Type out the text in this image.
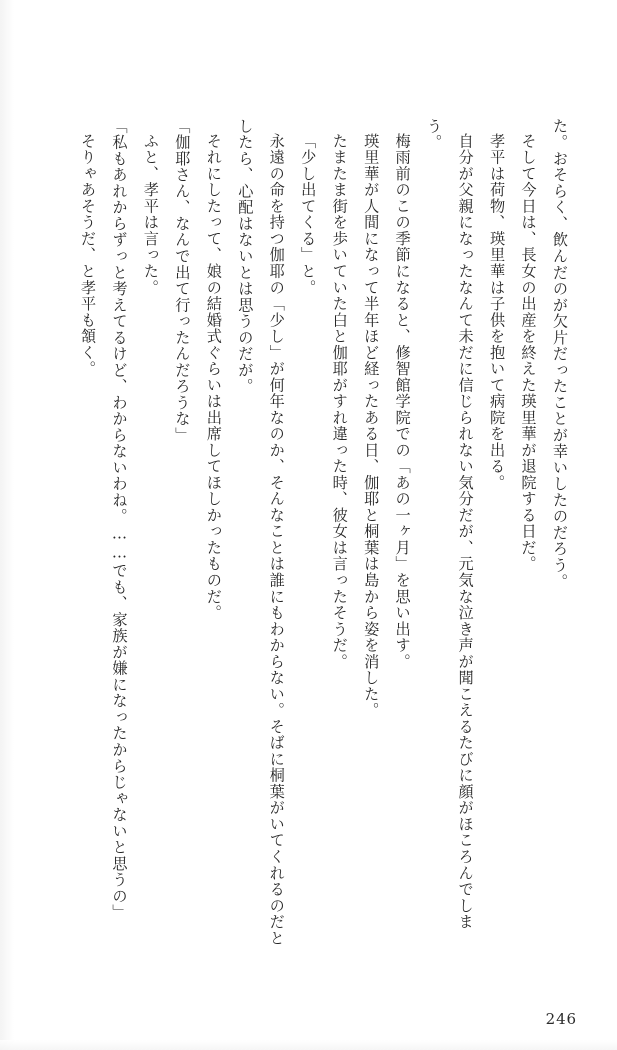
た。おそらく、飲んだのが欠片だったことが幸いしたのだろう。

そして今日は、長女の出産を終えた瑛里華が退院する日だ。

孝平は荷物、瑛里華は子供を抱いて病院を出る。

自分が父親になったなんて未だに信じられない気分だが、元気な泣き声が聞こえるたびに顔がほころんでしまう。

梅雨前のこの季節になると、修智館学院での「あの一ヶ月」を思い出す。

瑛里華が人間になって半年ほど経ったある日、伽耶と桐葉は島から姿を消した。

たまたま街を歩いていた白と伽耶がすれ違った時、彼女は言ったそうだ。

「少し出てくる」と。

永遠の命を持つ伽耶の「少し」が何年なのか、そんなことは誰にもわからない。そばに桐葉がいてくれるのだとしたら、心配はないとは思うのだが。

それにしたって、娘の結婚式ぐらいは出席してほしかったものだ。

「伽耶さん、なんで出て行ったんだろうな」

ふと、孝平は言った。

「私もあれからずっと考えてるけど、わからないわね。……でも、家族が嫌になったからじゃないと思うの」

そりゃあそうだ、と孝平も頷く。

246
